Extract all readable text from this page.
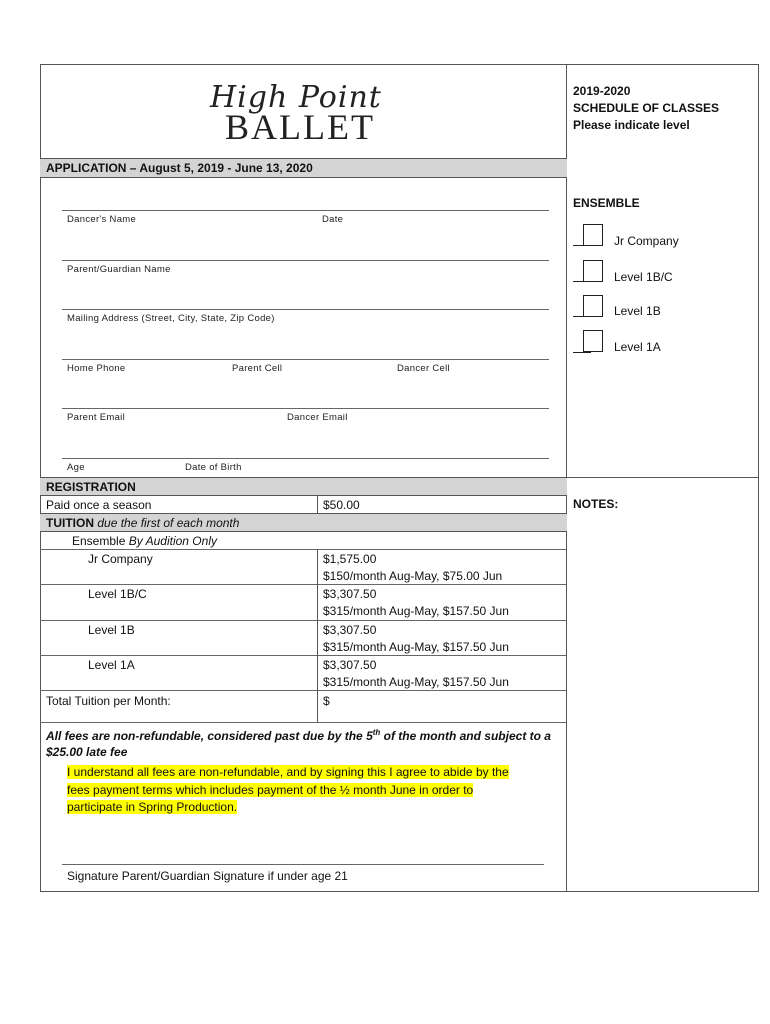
High Point
BALLET
2019-2020
SCHEDULE OF CLASSES
Please indicate level
APPLICATION – August 5, 2019 - June 13, 2020
Dancer's Name	Date
Parent/Guardian Name
Mailing Address (Street, City, State, Zip Code)
Home Phone	Parent Cell	Dancer Cell
Parent Email	Dancer Email
Age	Date of Birth
ENSEMBLE
Jr Company
Level 1B/C
Level 1B
Level 1A
NOTES:
REGISTRATION
Paid once a season	$50.00
TUITION due the first of each month
Ensemble By Audition Only
Jr Company	$1,575.00
$150/month Aug-May, $75.00 Jun
Level 1B/C	$3,307.50
$315/month Aug-May, $157.50 Jun
Level 1B	$3,307.50
$315/month Aug-May, $157.50 Jun
Level 1A	$3,307.50
$315/month Aug-May, $157.50 Jun
Total Tuition per Month:	$
All fees are non-refundable, considered past due by the 5th of the month and subject to a
$25.00 late fee
I understand all fees are non-refundable, and by signing this I agree to abide by the
fees payment terms which includes payment of the ½ month June in order to
participate in Spring Production.
Signature Parent/Guardian Signature if under age 21
